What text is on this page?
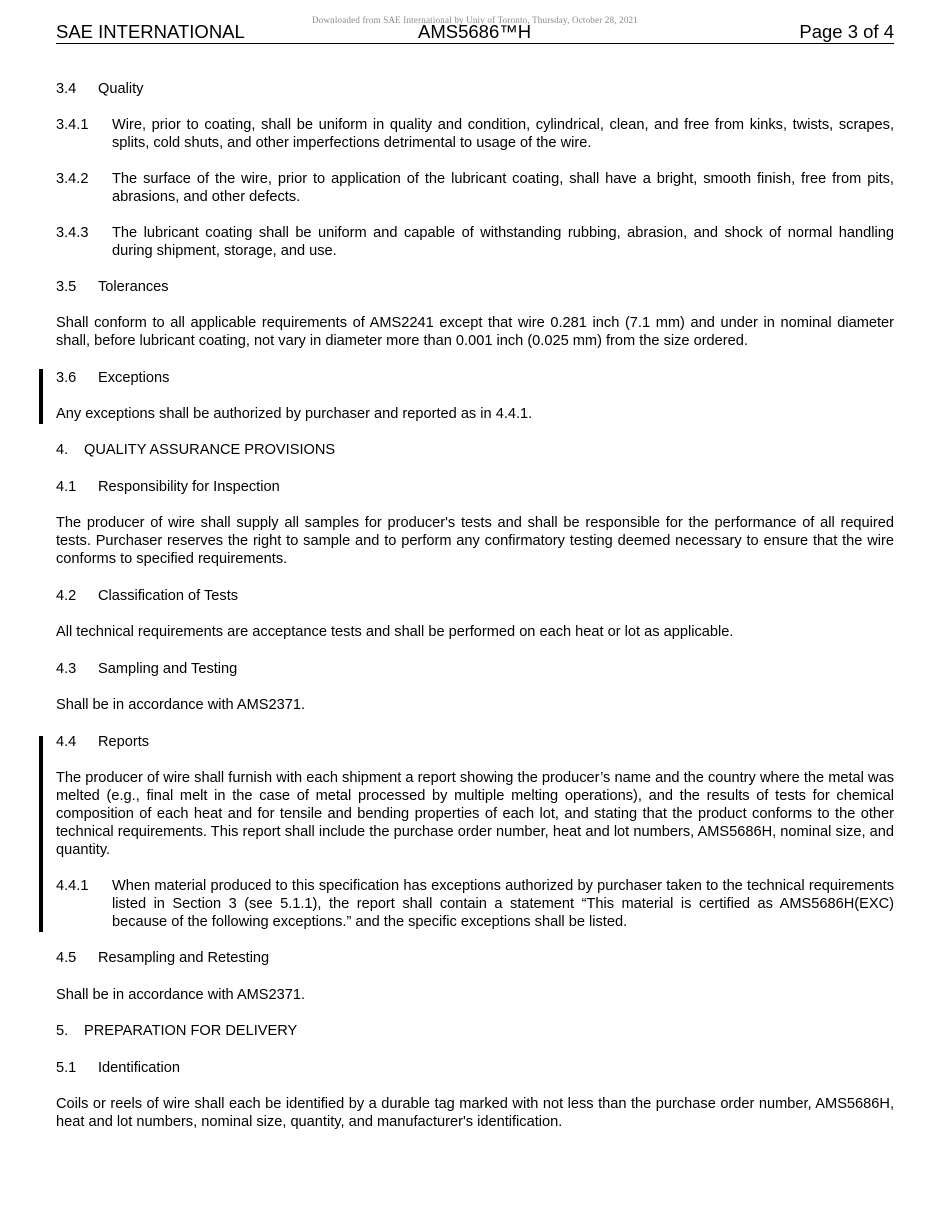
Downloaded from SAE International by Univ of Toronto, Thursday, October 28, 2021
SAE INTERNATIONAL	AMS5686™H	Page 3 of 4
3.4 Quality
3.4.1 Wire, prior to coating, shall be uniform in quality and condition, cylindrical, clean, and free from kinks, twists, scrapes, splits, cold shuts, and other imperfections detrimental to usage of the wire.
3.4.2 The surface of the wire, prior to application of the lubricant coating, shall have a bright, smooth finish, free from pits, abrasions, and other defects.
3.4.3 The lubricant coating shall be uniform and capable of withstanding rubbing, abrasion, and shock of normal handling during shipment, storage, and use.
3.5 Tolerances
Shall conform to all applicable requirements of AMS2241 except that wire 0.281 inch (7.1 mm) and under in nominal diameter shall, before lubricant coating, not vary in diameter more than 0.001 inch (0.025 mm) from the size ordered.
3.6 Exceptions
Any exceptions shall be authorized by purchaser and reported as in 4.4.1.
4. QUALITY ASSURANCE PROVISIONS
4.1 Responsibility for Inspection
The producer of wire shall supply all samples for producer's tests and shall be responsible for the performance of all required tests. Purchaser reserves the right to sample and to perform any confirmatory testing deemed necessary to ensure that the wire conforms to specified requirements.
4.2 Classification of Tests
All technical requirements are acceptance tests and shall be performed on each heat or lot as applicable.
4.3 Sampling and Testing
Shall be in accordance with AMS2371.
4.4 Reports
The producer of wire shall furnish with each shipment a report showing the producer’s name and the country where the metal was melted (e.g., final melt in the case of metal processed by multiple melting operations), and the results of tests for chemical composition of each heat and for tensile and bending properties of each lot, and stating that the product conforms to the other technical requirements. This report shall include the purchase order number, heat and lot numbers, AMS5686H, nominal size, and quantity.
4.4.1 When material produced to this specification has exceptions authorized by purchaser taken to the technical requirements listed in Section 3 (see 5.1.1), the report shall contain a statement “This material is certified as AMS5686H(EXC) because of the following exceptions.” and the specific exceptions shall be listed.
4.5 Resampling and Retesting
Shall be in accordance with AMS2371.
5. PREPARATION FOR DELIVERY
5.1 Identification
Coils or reels of wire shall each be identified by a durable tag marked with not less than the purchase order number, AMS5686H, heat and lot numbers, nominal size, quantity, and manufacturer's identification.
